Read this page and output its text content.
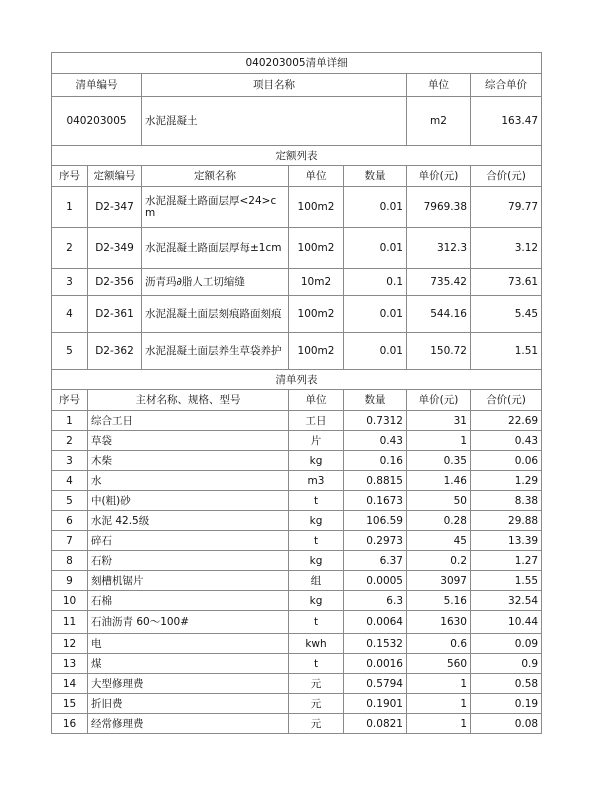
040203005清单详细						
清单编号		项目名称			单位	综合单价
040203005		水泥混凝土			m2	163.47
定额列表						
序号	定额编号	定额名称	单位	数量	单价(元)	合价(元)
1	D2-347	水泥混凝土路面层厚<24>cm	100m2	0.01	7969.38	79.77
2	D2-349	水泥混凝土路面层厚每±1cm	100m2	0.01	312.3	3.12
3	D2-356	沥青玛∂脂人工切缩缝	10m2	0.1	735.42	73.61
4	D2-361	水泥混凝土面层刻痕路面刻痕	100m2	0.01	544.16	5.45
5	D2-362	水泥混凝土面层养生草袋养护	100m2	0.01	150.72	1.51
清单列表						
序号	主材名称、规格、型号		单位	数量	单价(元)	合价(元)
1	综合工日		工日	0.7312	31	22.69
2	草袋		片	0.43	1	0.43
3	木柴		kg	0.16	0.35	0.06
4	水		m3	0.8815	1.46	1.29
5	中(粗)砂		t	0.1673	50	8.38
6	水泥 42.5级		kg	106.59	0.28	29.88
7	碎石		t	0.2973	45	13.39
8	石粉		kg	6.37	0.2	1.27
9	刻槽机锯片		组	0.0005	3097	1.55
10	石棉		kg	6.3	5.16	32.54
11	石油沥青 60～100#		t	0.0064	1630	10.44
12	电		kwh	0.1532	0.6	0.09
13	煤		t	0.0016	560	0.9
14	大型修理费		元	0.5794	1	0.58
15	折旧费		元	0.1901	1	0.19
16	经常修理费		元	0.0821	1	0.08
